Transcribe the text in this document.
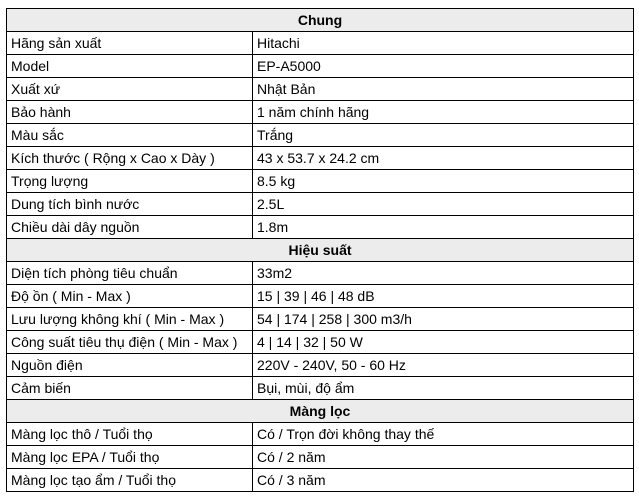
Chung	
Hãng sản xuất	Hitachi
Model	EP-A5000
Xuất xứ	Nhật Bản
Bảo hành	1 năm chính hãng
Màu sắc	Trắng
Kích thước ( Rộng x Cao x Dày )	43 x 53.7 x 24.2 cm
Trọng lượng	8.5 kg
Dung tích bình nước	2.5L
Chiều dài dây nguồn	1.8m
Hiệu suất	
Diện tích phòng tiêu chuẩn	33m2
Độ ồn ( Min - Max )	15 | 39 | 46 | 48 dB
Lưu lượng không khí ( Min - Max )	54 | 174 | 258 | 300 m3/h
Công suất tiêu thụ điện ( Min - Max )	4 | 14 | 32 | 50 W
Nguồn điện	220V - 240V, 50 - 60 Hz
Cảm biến	Bụi, mùi, độ ẩm
Màng lọc	
Màng lọc thô / Tuổi thọ	Có / Trọn đời không thay thế
Màng lọc EPA / Tuổi thọ	Có / 2 năm
Màng lọc tạo ẩm / Tuổi thọ	Có / 3 năm
